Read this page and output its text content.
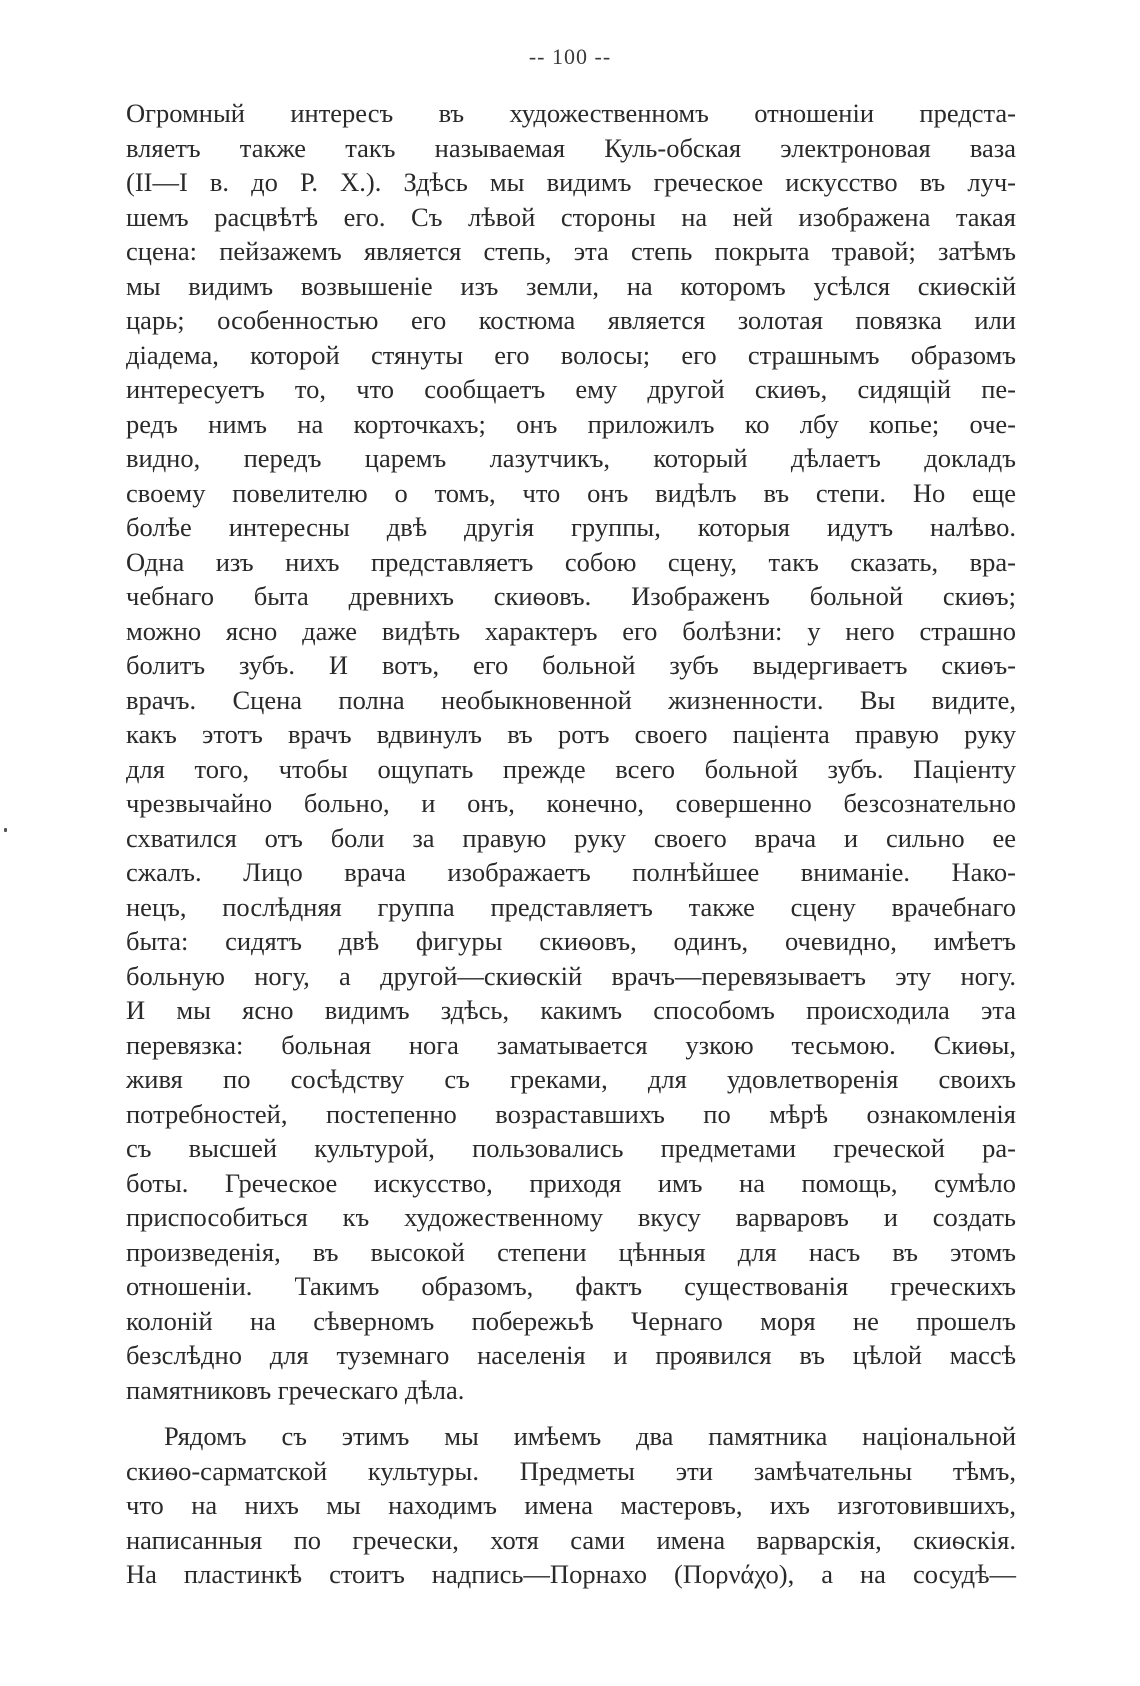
-- 100 --
Огромный интересъ въ художественномъ отношенiи предста-
вляетъ также такъ называемая Куль-обская электроновая ваза
(II—I в. до Р. Х.). Здѣсь мы видимъ греческое искусство въ луч-
шемъ расцвѣтѣ его. Съ лѣвой стороны на ней изображена такая
сцена: пейзажемъ является степь, эта степь покрыта травой; затѣмъ
мы видимъ возвышенiе изъ земли, на которомъ усѣлся скиѳскiй
царь; особенностью его костюма является золотая повязка или
дiадема, которой стянуты его волосы; его страшнымъ образомъ
интересуетъ то, что сообщаетъ ему другой скиѳъ, сидящiй пе-
редъ нимъ на корточкахъ; онъ приложилъ ко лбу копье; оче-
видно, передъ царемъ лазутчикъ, который дѣлаетъ докладъ
своему повелителю о томъ, что онъ видѣлъ въ степи. Но еще
болѣе интересны двѣ другiя группы, которыя идутъ налѣво.
Одна изъ нихъ представляетъ собою сцену, такъ сказать, вра-
чебнаго быта древнихъ скиѳовъ. Изображенъ больной скиѳъ;
можно ясно даже видѣть характеръ его болѣзни: у него страшно
болитъ зубъ. И вотъ, его больной зубъ выдергиваетъ скиѳъ-
врачъ. Сцена полна необыкновенной жизненности. Вы видите,
какъ этотъ врачъ вдвинулъ въ ротъ своего пацiента правую руку
для того, чтобы ощупать прежде всего больной зубъ. Пацiенту
чрезвычайно больно, и онъ, конечно, совершенно безсознательно
схватился отъ боли за правую руку своего врача и сильно ее
сжалъ. Лицо врача изображаетъ полнѣйшее вниманiе. Нако-
нецъ, послѣдняя группа представляетъ также сцену врачебнаго
быта: сидятъ двѣ фигуры скиѳовъ, одинъ, очевидно, имѣетъ
больную ногу, а другой—скиѳскiй врачъ—перевязываетъ эту ногу.
И мы ясно видимъ здѣсь, какимъ способомъ происходила эта
перевязка: больная нога заматывается узкою тесьмою. Скиѳы,
живя по сосѣдству съ греками, для удовлетворенiя своихъ
потребностей, постепенно возраставшихъ по мѣрѣ ознакомленiя
съ высшей культурой, пользовались предметами греческой ра-
боты. Греческое искусство, приходя имъ на помощь, сумѣло
приспособиться къ художественному вкусу варваровъ и создать
произведенiя, въ высокой степени цѣнныя для насъ въ этомъ
отношенiи. Такимъ образомъ, фактъ существованiя греческихъ
колонiй на сѣверномъ побережьѣ Чернаго моря не прошелъ
безслѣдно для туземнаго населенiя и проявился въ цѣлой массѣ
памятниковъ греческаго дѣла.
Рядомъ съ этимъ мы имѣемъ два памятника нацiональной
скиѳо-сарматской культуры. Предметы эти замѣчательны тѣмъ,
что на нихъ мы находимъ имена мастеровъ, ихъ изготовившихъ,
написанныя по гречески, хотя сами имена варварскiя, скиѳскiя.
На пластинкѣ стоитъ надпись—Порнахо (Πορνάχο), а на сосудѣ—
